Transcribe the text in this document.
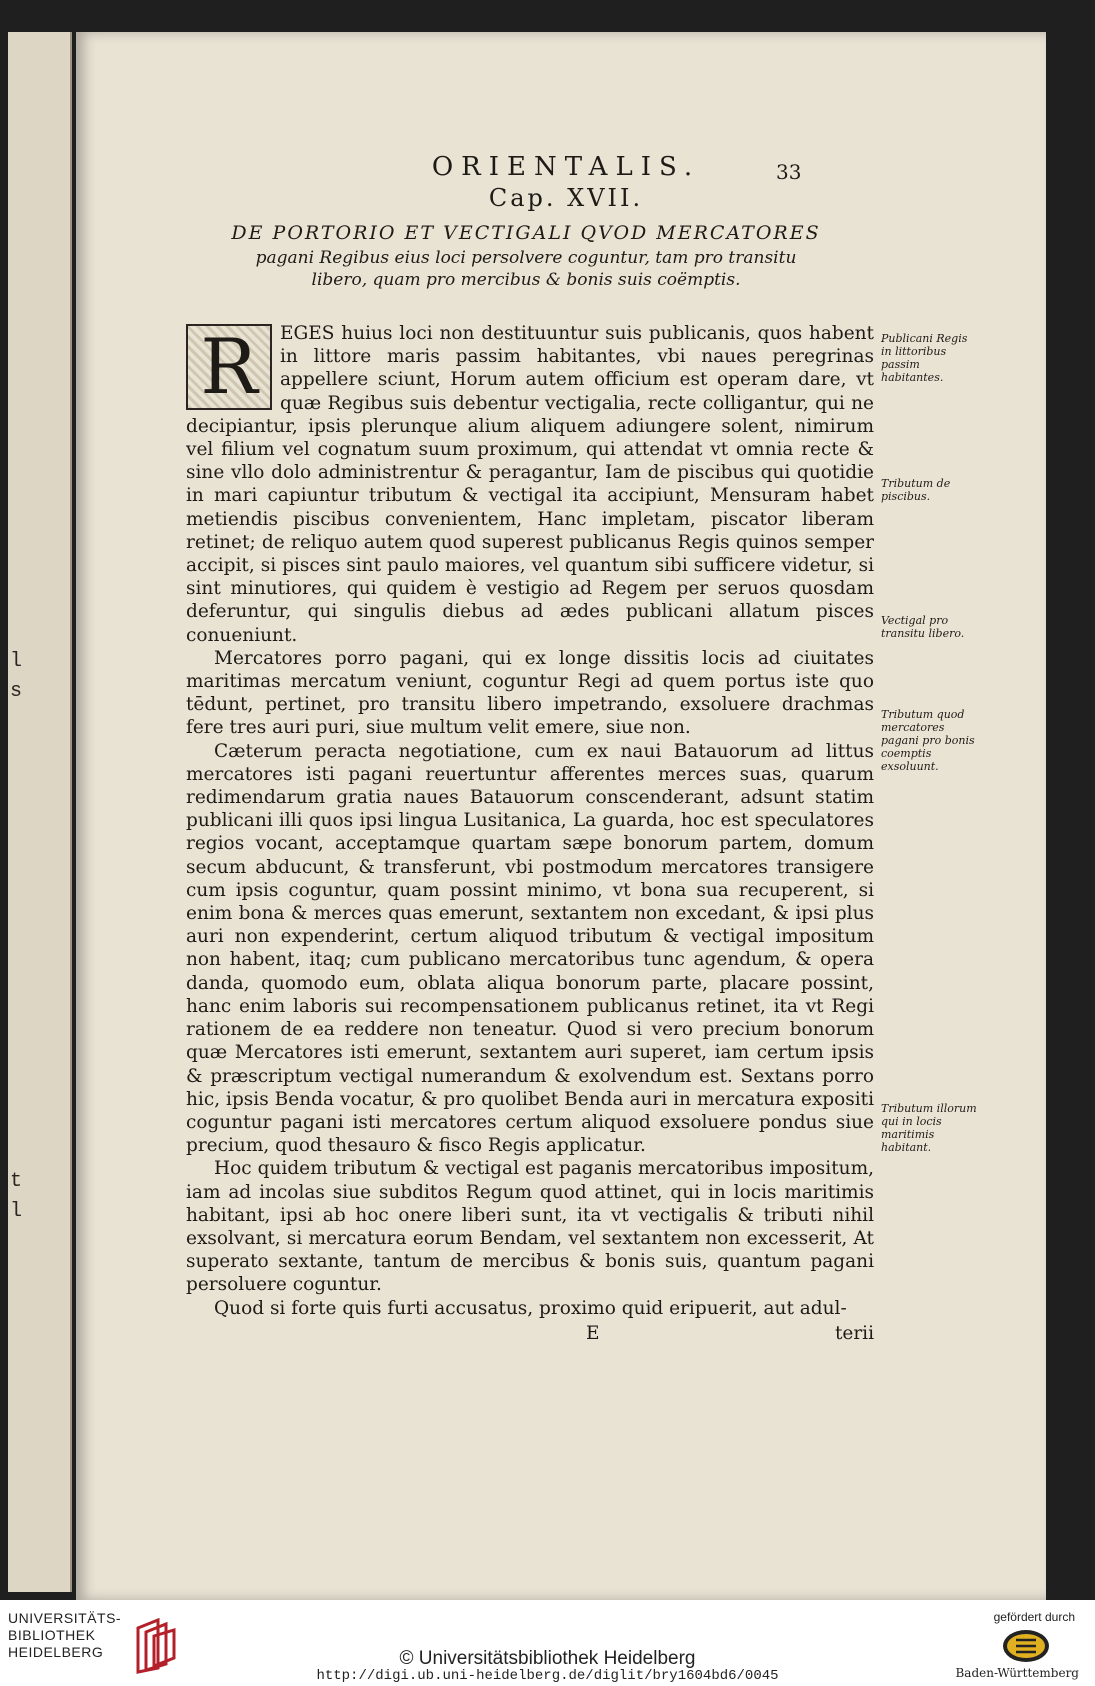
l
s
t
l
ORIENTALIS.	33
Cap. XVII.
DE PORTORIO ET VECTIGALI QVOD MERCATORES
pagani Regibus eius loci persolvere coguntur, tam pro transitu libero, quam pro mercibus & bonis suis coëmptis.

R	EGES huius loci non destituuntur suis publicanis, quos habent in littore maris passim habitantes, vbi naues peregrinas appellere sciunt, Horum autem officium est operam dare, vt quæ Regibus suis debentur vectigalia, recte colligantur, qui ne decipiantur, ipsis plerunque alium aliquem adiungere solent, nimirum vel filium vel cognatum suum proximum, qui attendat vt omnia recte & sine vllo dolo administrentur & peragantur, Iam de piscibus qui quotidie in mari capiuntur tributum & vectigal ita accipiunt, Mensuram habet metiendis piscibus convenientem, Hanc impletam, piscator liberam retinet; de reliquo autem quod superest publicanus Regis quinos semper accipit, si pisces sint paulo maiores, vel quantum sibi sufficere videtur, si sint minutiores, qui quidem è vestigio ad Regem per seruos quosdam deferuntur, qui singulis diebus ad ædes publicani allatum pisces conueniunt.

Mercatores porro pagani, qui ex longe dissitis locis ad ciuitates maritimas mercatum veniunt, coguntur Regi ad quem portus iste quo tēdunt, pertinet, pro transitu libero impetrando, exsoluere drachmas fere tres auri puri, siue multum velit emere, siue non.

Cæterum peracta negotiatione, cum ex naui Batauorum ad littus mercatores isti pagani reuertuntur afferentes merces suas, quarum redimendarum gratia naues Batauorum conscenderant, adsunt statim publicani illi quos ipsi lingua Lusitanica, La guarda, hoc est speculatores regios vocant, acceptamque quartam sæpe bonorum partem, domum secum abducunt, & transferunt, vbi postmodum mercatores transigere cum ipsis coguntur, quam possint minimo, vt bona sua recuperent, si enim bona & merces quas emerunt, sextantem non excedant, & ipsi plus auri non expenderint, certum aliquod tributum & vectigal impositum non habent, itaq; cum publicano mercatoribus tunc agendum, & opera danda, quomodo eum, oblata aliqua bonorum parte, placare possint, hanc enim laboris sui recompensationem publicanus retinet, ita vt Regi rationem de ea reddere non teneatur. Quod si vero precium bonorum quæ Mercatores isti emerunt, sextantem auri superet, iam certum ipsis & præscriptum vectigal numerandum & exolvendum est. Sextans porro hic, ipsis Benda vocatur, & pro quolibet Benda auri in mercatura expositi coguntur pagani isti mercatores certum aliquod exsoluere pondus siue precium, quod thesauro & fisco Regis applicatur.

Hoc quidem tributum & vectigal est paganis mercatoribus impositum, iam ad incolas siue subditos Regum quod attinet, qui in locis maritimis habitant, ipsi ab hoc onere liberi sunt, ita vt vectigalis & tributi nihil exsolvant, si mercatura eorum Bendam, vel sextantem non excesserit, At superato sextante, tantum de mercibus & bonis suis, quantum pagani persoluere coguntur.

Quod si forte quis furti accusatus, proximo quid eripuerit, aut adul-

E	terii
Publicani Regis in littoribus passim habitantes.
Tributum de piscibus.
Vectigal pro transitu libero.
Tributum quod mercatores pagani pro bonis coemptis exsoluunt.
Tributum illorum qui in locis maritimis habitant.
UNIVERSITÄTS-
BIBLIOTHEK
HEIDELBERG	© Universitätsbibliothek Heidelberg
http://digi.ub.uni-heidelberg.de/diglit/bry1604bd6/0045
gefördert durch
Baden-Württemberg
